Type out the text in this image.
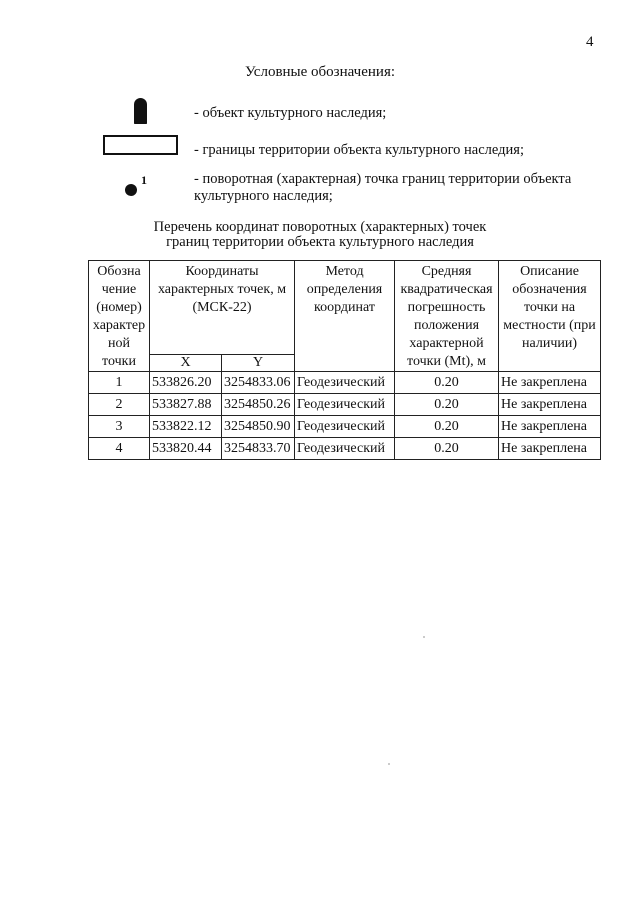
4
Условные обозначения:
- объект культурного наследия;
- границы территории объекта культурного наследия;
1	- поворотная (характерная) точка границ территории объекта культурного наследия;
Перечень координат поворотных (характерных) точек
границ территории объекта культурного наследия
Обозна чение (номер) характер ной точки	Координаты характерных точек, м (МСК-22)		Метод определения координат	Средняя квадратическая погрешность положения характерной точки (Mt), м	Описание обозначения точки на местности (при наличии)
	X	Y			
1	533826.20	3254833.06	Геодезический	0.20	Не закреплена
2	533827.88	3254850.26	Геодезический	0.20	Не закреплена
3	533822.12	3254850.90	Геодезический	0.20	Не закреплена
4	533820.44	3254833.70	Геодезический	0.20	Не закреплена
